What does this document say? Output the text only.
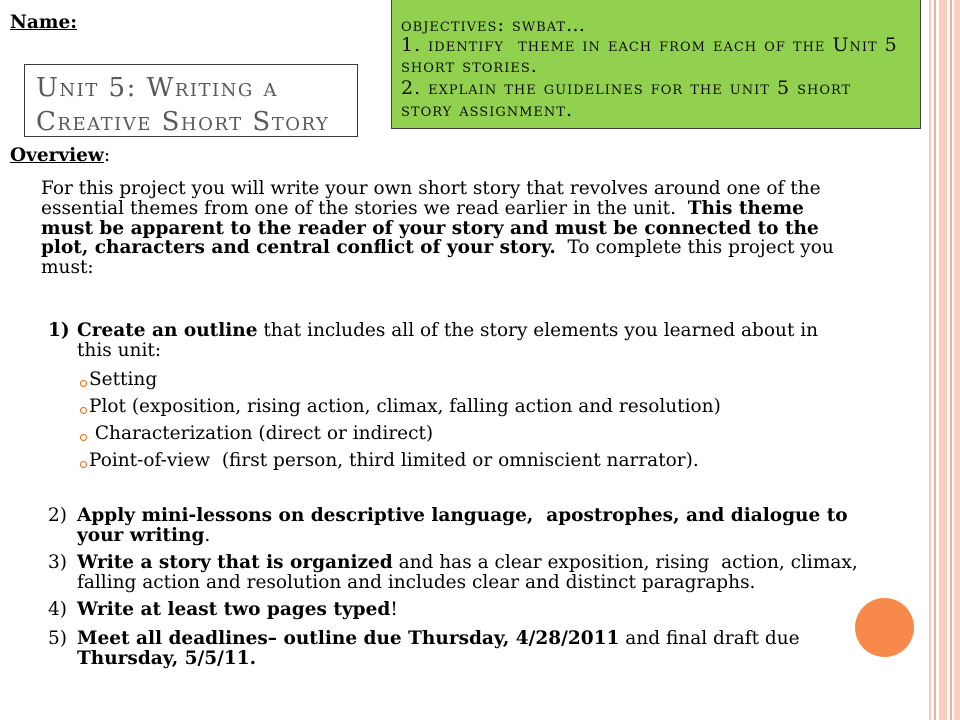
Name:
Unit 5: Writing a
Creative Short Story
objectives: swbat…
1. identify  theme in each from each of the Unit 5
short stories.
2. explain the guidelines for the unit 5 short
story assignment.
Overview:
For this project you will write your own short story that revolves around one of the
essential themes from one of the stories we read earlier in the unit.  This theme
must be apparent to the reader of your story and must be connected to the
plot, characters and central conflict of your story.  To complete this project you
must:
1) Create an outline that includes all of the story elements you learned about in
this unit:
Setting
Plot (exposition, rising action, climax, falling action and resolution)
Characterization (direct or indirect)
Point-of-view  (first person, third limited or omniscient narrator).
2) Apply mini-lessons on descriptive language,  apostrophes, and dialogue to
your writing.
3) Write a story that is organized and has a clear exposition, rising  action, climax,
falling action and resolution and includes clear and distinct paragraphs.
4) Write at least two pages typed!
5) Meet all deadlines– outline due Thursday, 4/28/2011 and final draft due
Thursday, 5/5/11.
